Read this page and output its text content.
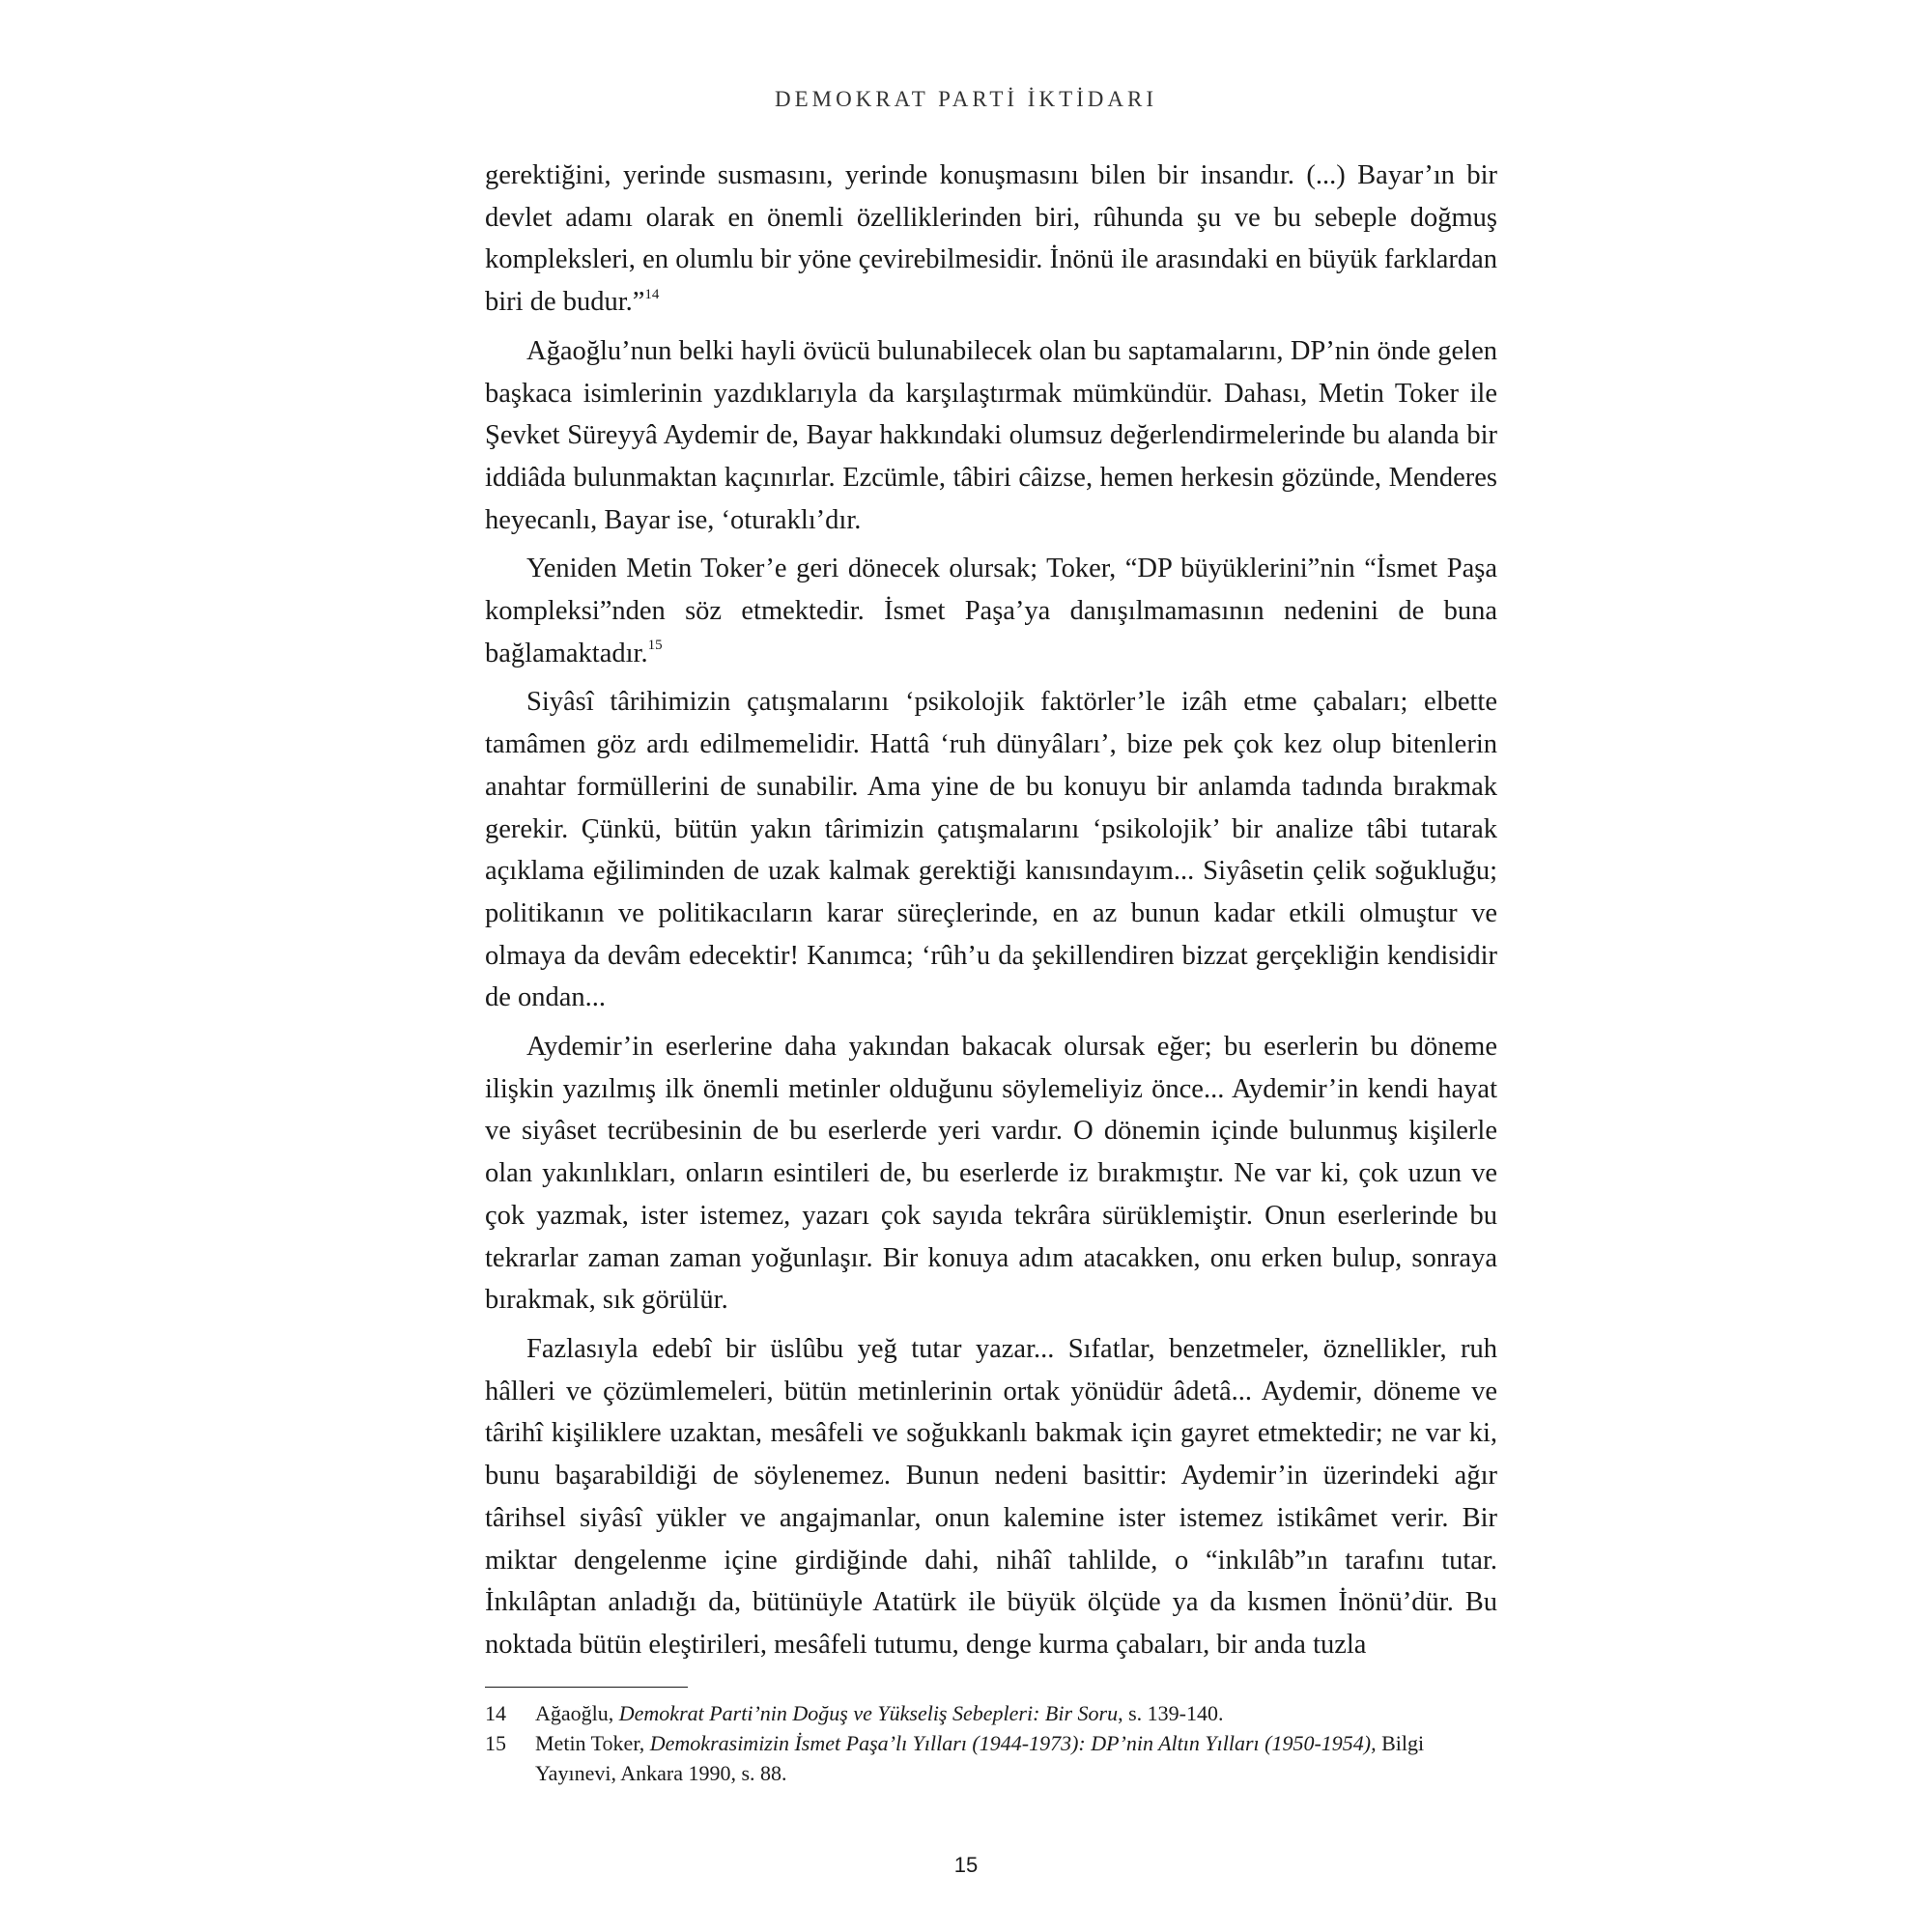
DEMOKRAT PARTİ İKTİDARI

gerektiğini, yerinde susmasını, yerinde konuşmasını bilen bir insandır. (...) Bayar’ın bir devlet adamı olarak en önemli özelliklerinden biri, rûhunda şu ve bu sebeple doğmuş kompleksleri, en olumlu bir yöne çevirebilmesidir. İnönü ile arasındaki en büyük farklardan biri de budur.”$^{14}$

Ağaoğlu’nun belki hayli övücü bulunabilecek olan bu saptamalarını, DP’nin önde gelen başkaca isimlerinin yazdıklarıyla da karşılaştırmak mümkündür. Dahası, Metin Toker ile Şevket Süreyyâ Aydemir de, Bayar hakkındaki olumsuz değerlendirmelerinde bu alanda bir iddiâda bulunmaktan kaçınırlar. Ezcümle, tâbiri câizse, hemen herkesin gözünde, Menderes heyecanlı, Bayar ise, ‘oturaklı’dır.

Yeniden Metin Toker’e geri dönecek olursak; Toker, “DP büyüklerini”nin “İsmet Paşa kompleksi”nden söz etmektedir. İsmet Paşa’ya danışılmamasının nedenini de buna bağlamaktadır.$^{15}$

Siyâsî târihimizin çatışmalarını ‘psikolojik faktörler’le izâh etme çabaları; elbette tamâmen göz ardı edilmemelidir. Hattâ ‘ruh dünyâları’, bize pek çok kez olup bitenlerin anahtar formüllerini de sunabilir. Ama yine de bu konuyu bir anlamda tadında bırakmak gerekir. Çünkü, bütün yakın târimizin çatışmalarını ‘psikolojik’ bir analize tâbi tutarak açıklama eğiliminden de uzak kalmak gerektiği kanısındayım... Siyâsetin çelik soğukluğu; politikanın ve politikacıların karar süreçlerinde, en az bunun kadar etkili olmuştur ve olmaya da devâm edecektir! Kanımca; ‘rûh’u da şekillendiren bizzat gerçekliğin kendisidir de ondan...

Aydemir’in eserlerine daha yakından bakacak olursak eğer; bu eserlerin bu döneme ilişkin yazılmış ilk önemli metinler olduğunu söylemeliyiz önce... Aydemir’in kendi hayat ve siyâset tecrübesinin de bu eserlerde yeri vardır. O dönemin içinde bulunmuş kişilerle olan yakınlıkları, onların esintileri de, bu eserlerde iz bırakmıştır. Ne var ki, çok uzun ve çok yazmak, ister istemez, yazarı çok sayıda tekrâra sürüklemiştir. Onun eserlerinde bu tekrarlar zaman zaman yoğunlaşır. Bir konuya adım atacakken, onu erken bulup, sonraya bırakmak, sık görülür.

Fazlasıyla edebî bir üslûbu yeğ tutar yazar... Sıfatlar, benzetmeler, öznellikler, ruh hâlleri ve çözümlemeleri, bütün metinlerinin ortak yönüdür âdetâ... Aydemir, döneme ve târihî kişiliklere uzaktan, mesâfeli ve soğukkanlı bakmak için gayret etmektedir; ne var ki, bunu başarabildiği de söylenemez. Bunun nedeni basittir: Aydemir’in üzerindeki ağır târihsel siyâsî yükler ve angajmanlar, onun kalemine ister istemez istikâmet verir. Bir miktar dengelenme içine girdiğinde dahi, nihâî tahlilde, o “inkılâb”ın tarafını tutar. İnkılâptan anladığı da, bütünüyle Atatürk ile büyük ölçüde ya da kısmen İnönü’dür. Bu noktada bütün eleştirileri, mesâfeli tutumu, denge kurma çabaları, bir anda tuzla

14	Ağaoğlu, Demokrat Parti’nin Doğuş ve Yükseliş Sebepleri: Bir Soru, s. 139-140.
15	Metin Toker, Demokrasimizin İsmet Paşa’lı Yılları (1944-1973): DP’nin Altın Yılları (1950-1954), Bilgi Yayınevi, Ankara 1990, s. 88.
15
